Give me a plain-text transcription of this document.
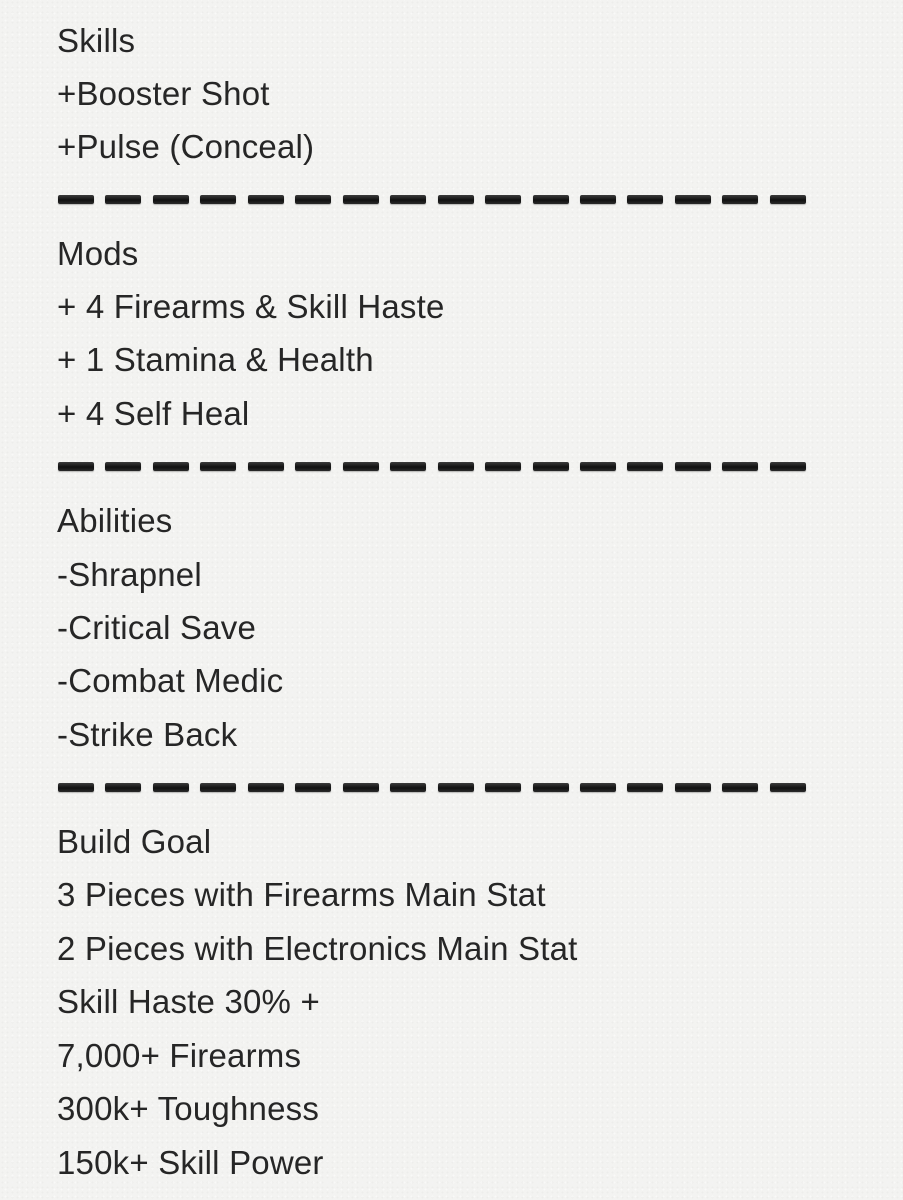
Skills
+Booster Shot
+Pulse (Conceal)
Mods
+ 4 Firearms & Skill Haste
+ 1 Stamina & Health
+ 4 Self Heal
Abilities
-Shrapnel
-Critical Save
-Combat Medic
-Strike Back
Build Goal
3 Pieces with Firearms Main Stat
2 Pieces with Electronics Main Stat
Skill Haste 30% +
7,000+ Firearms
300k+ Toughness
150k+ Skill Power
